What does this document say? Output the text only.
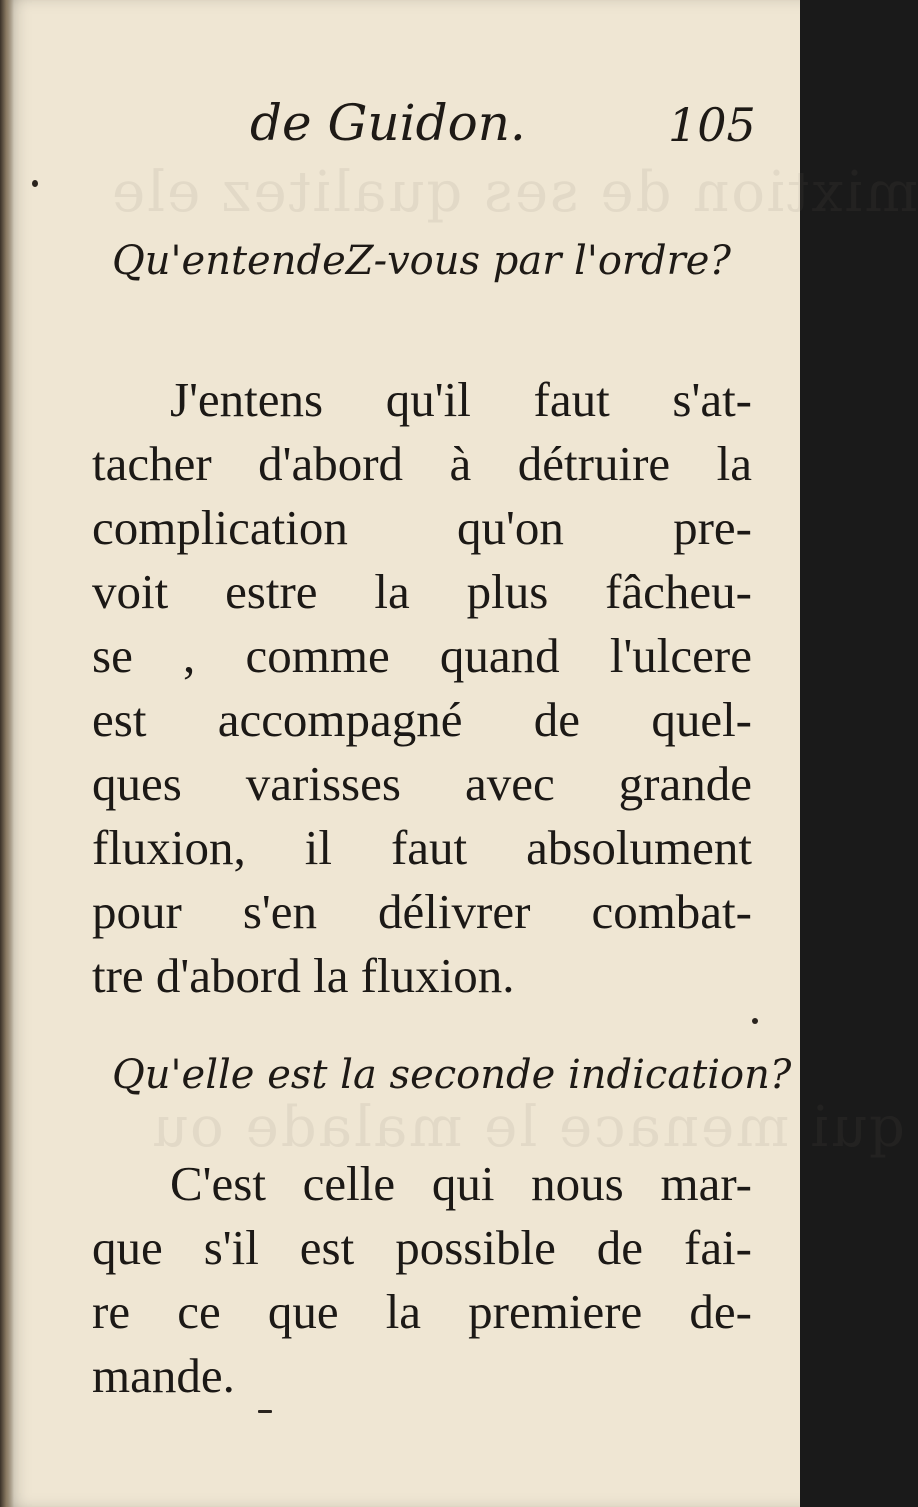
mixtion de ses qualitez ele
qui menace le malade ou
de Guidon.	105
Qu'entendeZ-vous par l'ordre?
J'entens qu'il faut s'at-
tacher d'abord à détruire la
complication qu'on pre-
voit estre la plus fâcheu-
se , comme quand l'ulcere
est accompagné de quel-
ques varisses avec grande
fluxion, il faut absolument
pour s'en délivrer combat-
tre d'abord la fluxion.
Qu'elle est la seconde indication?
C'est celle qui nous mar-
que s'il est possible de fai-
re ce que la premiere de-
mande.
